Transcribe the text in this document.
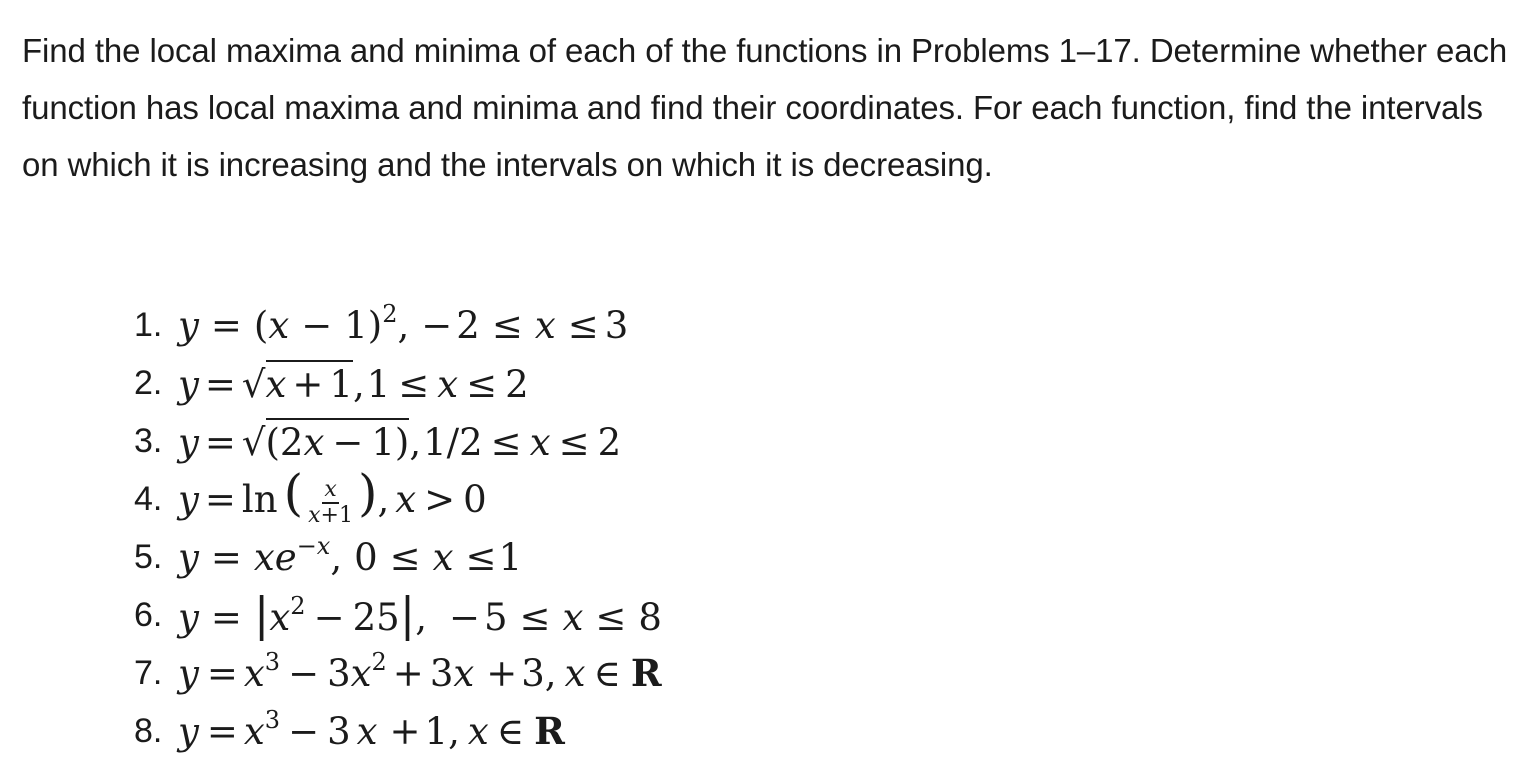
Find the local maxima and minima of each of the functions in Problems 1–17. Determine whether each function has local maxima and minima and find their coordinates. For each function, find the intervals on which it is increasing and the intervals on which it is decreasing.
1. $y = (x - 1)^2$, − 2 ≤ x ≤ 3
2. y = √ x + 1 ,1 ≤ x ≤ 2
3. y = √ (2x − 1) ,1/2 ≤ x ≤ 2
4. y = ln ( $\frac{x}{x+1}$ ), x > 0
5. $y = xe^{-x}$, 0 ≤ x ≤1
6. $y = |x^2 - 25|$, − 5 ≤ x ≤ 8
7. $y = x^3 - 3x^2 + 3x + 3$, x ∈ R
8. $y = x^3 - 3$ x + 1, x ∈ R
